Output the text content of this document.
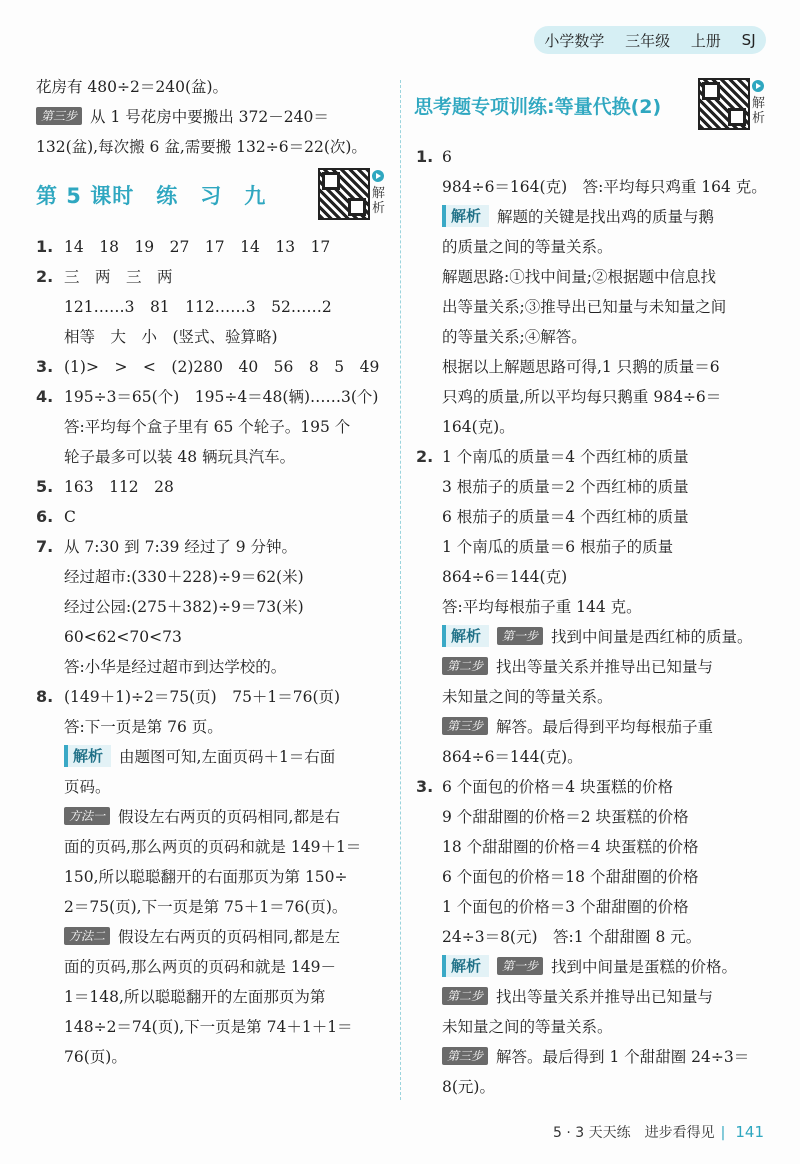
小学数学 三年级 上册 SJ
花房有 480÷2＝240(盆)。
第三步 从 1 号花房中要搬出 372－240＝
132(盆),每次搬 6 盆,需要搬 132÷6＝22(次)。
第 5 课时　练　习　九	解析
1. 14　18　19　27　17　14　13　17
2. 三　两　三　两
121……3　81　112……3　52……2
相等　大　小　(竖式、验算略)
3. (1)>　>　<　(2)280　40　56　8　5　49
4. 195÷3＝65(个)　195÷4＝48(辆)……3(个)
答:平均每个盒子里有 65 个轮子。195 个
轮子最多可以装 48 辆玩具汽车。
5. 163　112　28
6. C
7. 从 7:30 到 7:39 经过了 9 分钟。
经过超市:(330＋228)÷9＝62(米)
经过公园:(275＋382)÷9＝73(米)
60<62<70<73
答:小华是经过超市到达学校的。
8. (149＋1)÷2＝75(页)　75＋1＝76(页)
答:下一页是第 76 页。
解析 由题图可知,左面页码＋1＝右面
页码。
方法一 假设左右两页的页码相同,都是右
面的页码,那么两页的页码和就是 149＋1＝
150,所以聪聪翻开的右面那页为第 150÷
2＝75(页),下一页是第 75＋1＝76(页)。
方法二 假设左右两页的页码相同,都是左
面的页码,那么两页的页码和就是 149－
1＝148,所以聪聪翻开的左面那页为第
148÷2＝74(页),下一页是第 74＋1＋1＝
76(页)。
思考题专项训练:等量代换(2)	解析
1. 6
984÷6＝164(克)　答:平均每只鸡重 164 克。
解析 解题的关键是找出鸡的质量与鹅
的质量之间的等量关系。
解题思路:①找中间量;②根据题中信息找
出等量关系;③推导出已知量与未知量之间
的等量关系;④解答。
根据以上解题思路可得,1 只鹅的质量＝6
只鸡的质量,所以平均每只鹅重 984÷6＝
164(克)。
2. 1 个南瓜的质量＝4 个西红柿的质量
3 根茄子的质量＝2 个西红柿的质量
6 根茄子的质量＝4 个西红柿的质量
1 个南瓜的质量＝6 根茄子的质量
864÷6＝144(克)
答:平均每根茄子重 144 克。
解析 第一步 找到中间量是西红柿的质量。
第二步 找出等量关系并推导出已知量与
未知量之间的等量关系。
第三步 解答。最后得到平均每根茄子重
864÷6＝144(克)。
3. 6 个面包的价格＝4 块蛋糕的价格
9 个甜甜圈的价格＝2 块蛋糕的价格
18 个甜甜圈的价格＝4 块蛋糕的价格
6 个面包的价格＝18 个甜甜圈的价格
1 个面包的价格＝3 个甜甜圈的价格
24÷3＝8(元)　答:1 个甜甜圈 8 元。
解析 第一步 找到中间量是蛋糕的价格。
第二步 找出等量关系并推导出已知量与
未知量之间的等量关系。
第三步 解答。最后得到 1 个甜甜圈 24÷3＝
8(元)。
5 · 3 天天练　进步看得见 | 141
